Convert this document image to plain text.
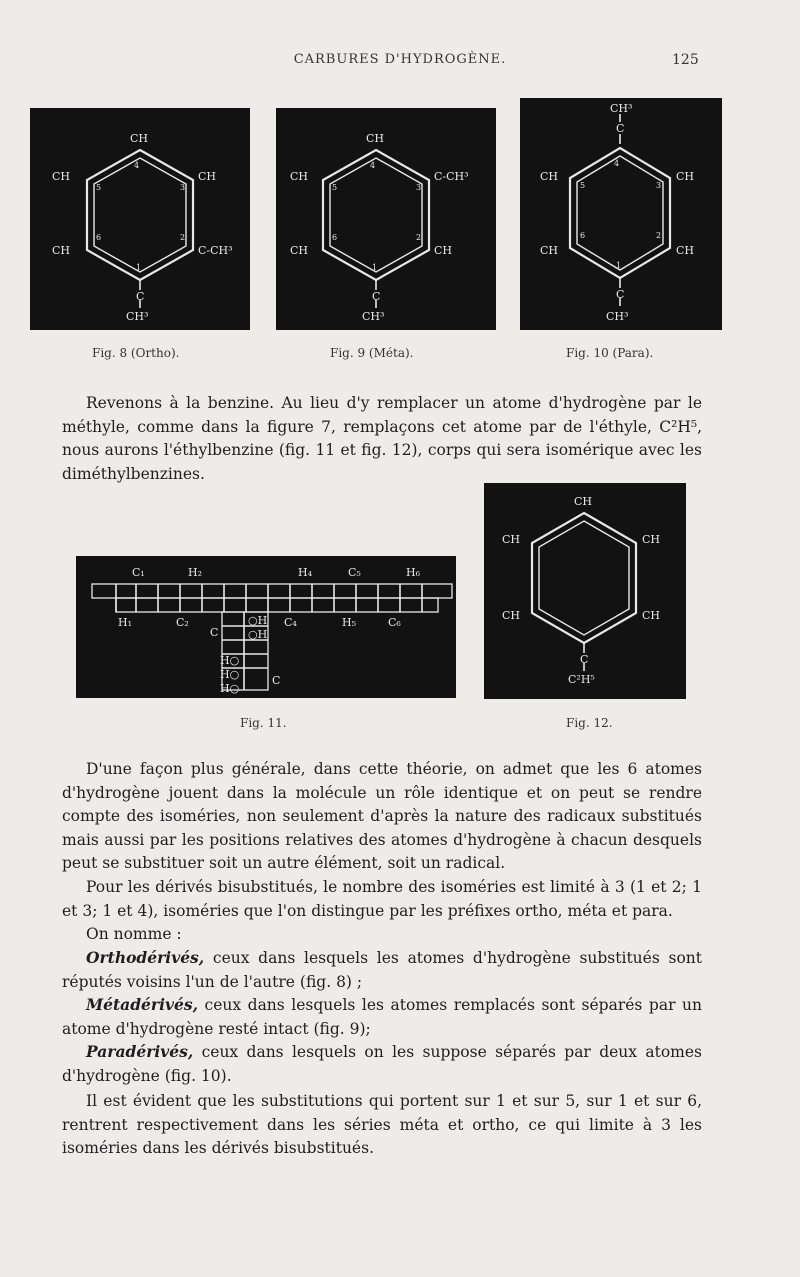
CARBURES D'HYDROGÈNE.	125
CH
CH
CH
C-CH³
CH
4
3
2
1
6
5
C
CH³
Fig. 8 (Ortho).
CH
C-CH³
CH
CH
CH
4
3
2
1
6
5
C
CH³
Fig. 9 (Méta).
CH³
C
CH
CH
CH
CH
4
3
2
1
6
5
C
CH³
Fig. 10 (Para).

Revenons à la benzine. Au lieu d'y remplacer un atome d'hydrogène par le méthyle, comme dans la figure 7, remplaçons cet atome par de l'éthyle, C²H⁵, nous aurons l'éthylbenzine (fig. 11 et fig. 12), corps qui sera isomérique avec les diméthylbenzines.

C₁	H₂	H₄	C₅	H₆
H₁	C₂
C
C₄	H₅	C₆
○H
○H
H○
H○
H○
C
Fig. 11.
CH
CH
CH
CH
CH
C
C²H⁵
Fig. 12.

D'une façon plus générale, dans cette théorie, on admet que les 6 atomes d'hydrogène jouent dans la molécule un rôle identique et on peut se rendre compte des isoméries, non seulement d'après la nature des radicaux substitués mais aussi par les positions relatives des atomes d'hydrogène à chacun desquels peut se substituer soit un autre élément, soit un radical.

Pour les dérivés bisubstitués, le nombre des isoméries est limité à 3 (1 et 2; 1 et 3; 1 et 4), isoméries que l'on distingue par les préfixes ortho, méta et para.

On nomme :

Orthodérivés, ceux dans lesquels les atomes d'hydrogène substitués sont réputés voisins l'un de l'autre (fig. 8) ;

Métadérivés, ceux dans lesquels les atomes remplacés sont séparés par un atome d'hydrogène resté intact (fig. 9);

Paradérivés, ceux dans lesquels on les suppose séparés par deux atomes d'hydrogène (fig. 10).

Il est évident que les substitutions qui portent sur 1 et sur 5, sur 1 et sur 6, rentrent respectivement dans les séries méta et ortho, ce qui limite à 3 les isoméries dans les dérivés bisubstitués.
